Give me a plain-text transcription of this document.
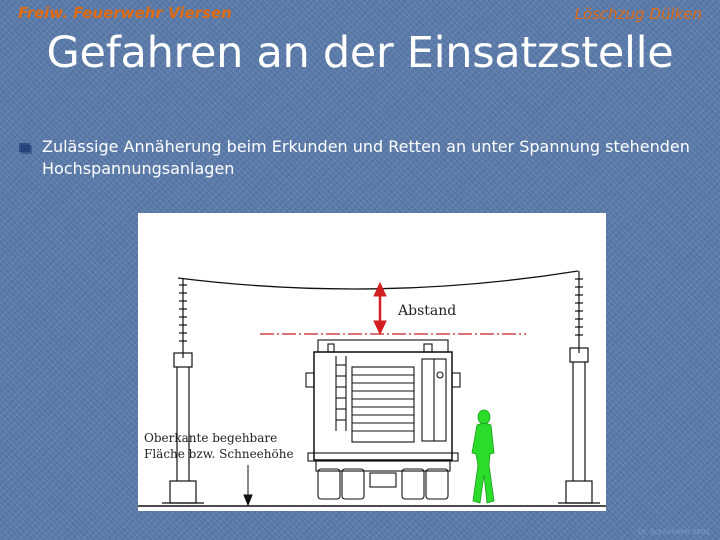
Freiw. Feuerwehr Viersen	Löschzug Dülken
Gefahren an der Einsatzstelle
Zulässige Annäherung beim Erkunden und Retten an unter Spannung stehenden Hochspannungsanlagen
Abstand
Oberkante begehbare
Fläche bzw. Schneehöhe
Dr. Schönhöfer 2001
